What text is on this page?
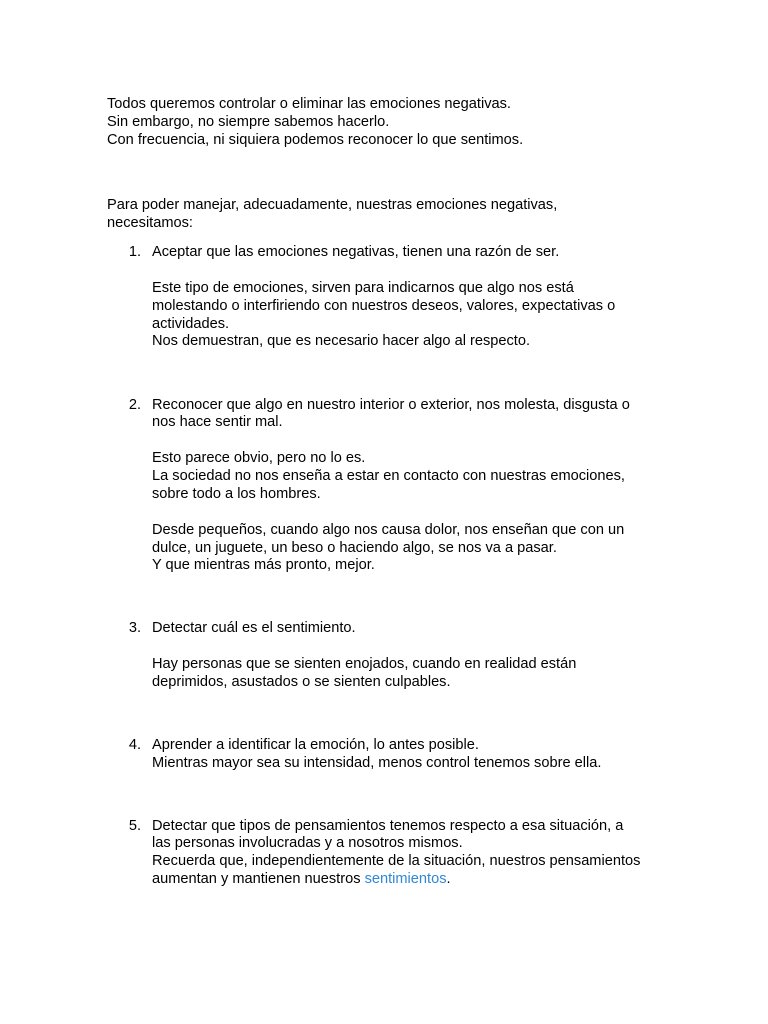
Todos queremos controlar o eliminar las emociones negativas.
Sin embargo, no siempre sabemos hacerlo.
Con frecuencia, ni siquiera podemos reconocer lo que sentimos.
Para poder manejar, adecuadamente, nuestras emociones negativas,
necesitamos:
1. Aceptar que las emociones negativas, tienen una razón de ser.
Este tipo de emociones, sirven para indicarnos que algo nos está
molestando o interfiriendo con nuestros deseos, valores, expectativas o
actividades.
Nos demuestran, que es necesario hacer algo al respecto.
2. Reconocer que algo en nuestro interior o exterior, nos molesta, disgusta o
nos hace sentir mal.
Esto parece obvio, pero no lo es.
La sociedad no nos enseña a estar en contacto con nuestras emociones,
sobre todo a los hombres.
Desde pequeños, cuando algo nos causa dolor, nos enseñan que con un
dulce, un juguete, un beso o haciendo algo, se nos va a pasar.
Y que mientras más pronto, mejor.
3. Detectar cuál es el sentimiento.
Hay personas que se sienten enojados, cuando en realidad están
deprimidos, asustados o se sienten culpables.
4. Aprender a identificar la emoción, lo antes posible.
Mientras mayor sea su intensidad, menos control tenemos sobre ella.
5. Detectar que tipos de pensamientos tenemos respecto a esa situación, a
las personas involucradas y a nosotros mismos.
Recuerda que, independientemente de la situación, nuestros pensamientos
aumentan y mantienen nuestros sentimientos.
